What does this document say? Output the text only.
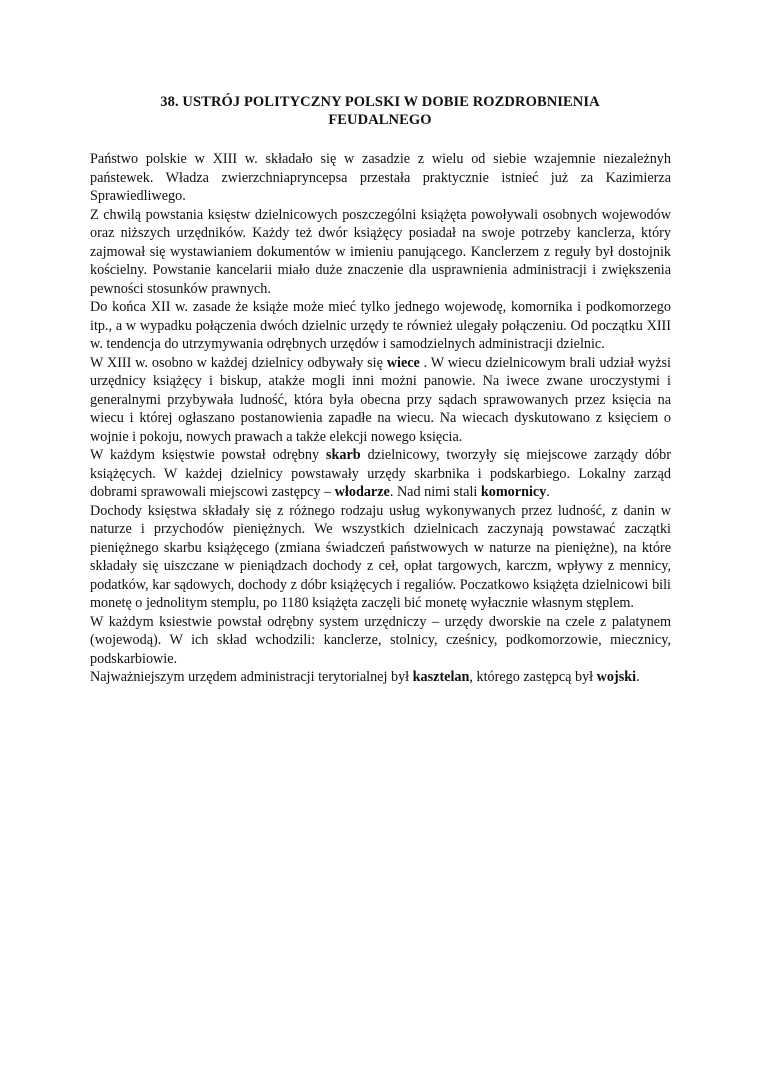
38. USTRÓJ POLITYCZNY POLSKI W DOBIE ROZDROBNIENIA
FEUDALNEGO

Państwo polskie w XIII w. składało się w zasadzie z wielu od siebie wzajemnie niezależnyh państewek. Władza zwierzchniapryncepsa przestała praktycznie istnieć już za Kazimierza Sprawiedliwego.

Z chwilą powstania księstw dzielnicowych poszczególni książęta powoływali osobnych wojewodów oraz niższych urzędników. Każdy też dwór książęcy posiadał na swoje potrzeby kanclerza, który zajmował się wystawianiem dokumentów w imieniu panującego. Kanclerzem z reguły był dostojnik kościelny. Powstanie kancelarii miało duże znaczenie dla usprawnienia administracji i zwiększenia pewności stosunków prawnych.

Do końca XII w. zasade że książe może mieć tylko jednego wojewodę, komornika i podkomorzego itp., a w wypadku połączenia dwóch dzielnic urzędy te również ulegały połączeniu. Od początku XIII w. tendencja do utrzymywania odrębnych urzędów i samodzielnych administracji dzielnic.

W XIII w. osobno w każdej dzielnicy odbywały się wiece . W wiecu dzielnicowym brali udział wyżsi urzędnicy książęcy i biskup, atakże mogli inni możni panowie. Na iwece zwane uroczystymi i generalnymi przybywała ludność, która była obecna przy sądach sprawowanych przez księcia na wiecu i której ogłaszano postanowienia zapadłe na wiecu. Na wiecach dyskutowano z księciem o wojnie i pokoju, nowych prawach a także elekcji nowego księcia.

W każdym księstwie powstał odrębny skarb dzielnicowy, tworzyły się miejscowe zarządy dóbr książęcych. W każdej dzielnicy powstawały urzędy skarbnika i podskarbiego. Lokalny zarząd dobrami sprawowali miejscowi zastępcy – włodarze. Nad nimi stali komornicy.

Dochody księstwa składały się z różnego rodzaju usług wykonywanych przez ludność, z danin w naturze i przychodów pieniężnych. We wszystkich dzielnicach zaczynają powstawać zaczątki pieniężnego skarbu książęcego (zmiana świadczeń państwowych w naturze na pieniężne), na które składały się uiszczane w pieniądzach dochody z ceł, opłat targowych, karczm, wpływy z mennicy, podatków, kar sądowych, dochody z dóbr książęcych i regaliów. Poczatkowo książęta dzielnicowi bili monetę o jednolitym stemplu, po 1180 książęta zaczęli bić monetę wyłacznie własnym stęplem.

W każdym ksiestwie powstał odrębny system urzędniczy – urzędy dworskie na czele z palatynem (wojewodą). W ich skład wchodzili: kanclerze, stolnicy, cześnicy, podkomorzowie, miecznicy, podskarbiowie.

Najważniejszym urzędem administracji terytorialnej był kasztelan, którego zastępcą był wojski.
